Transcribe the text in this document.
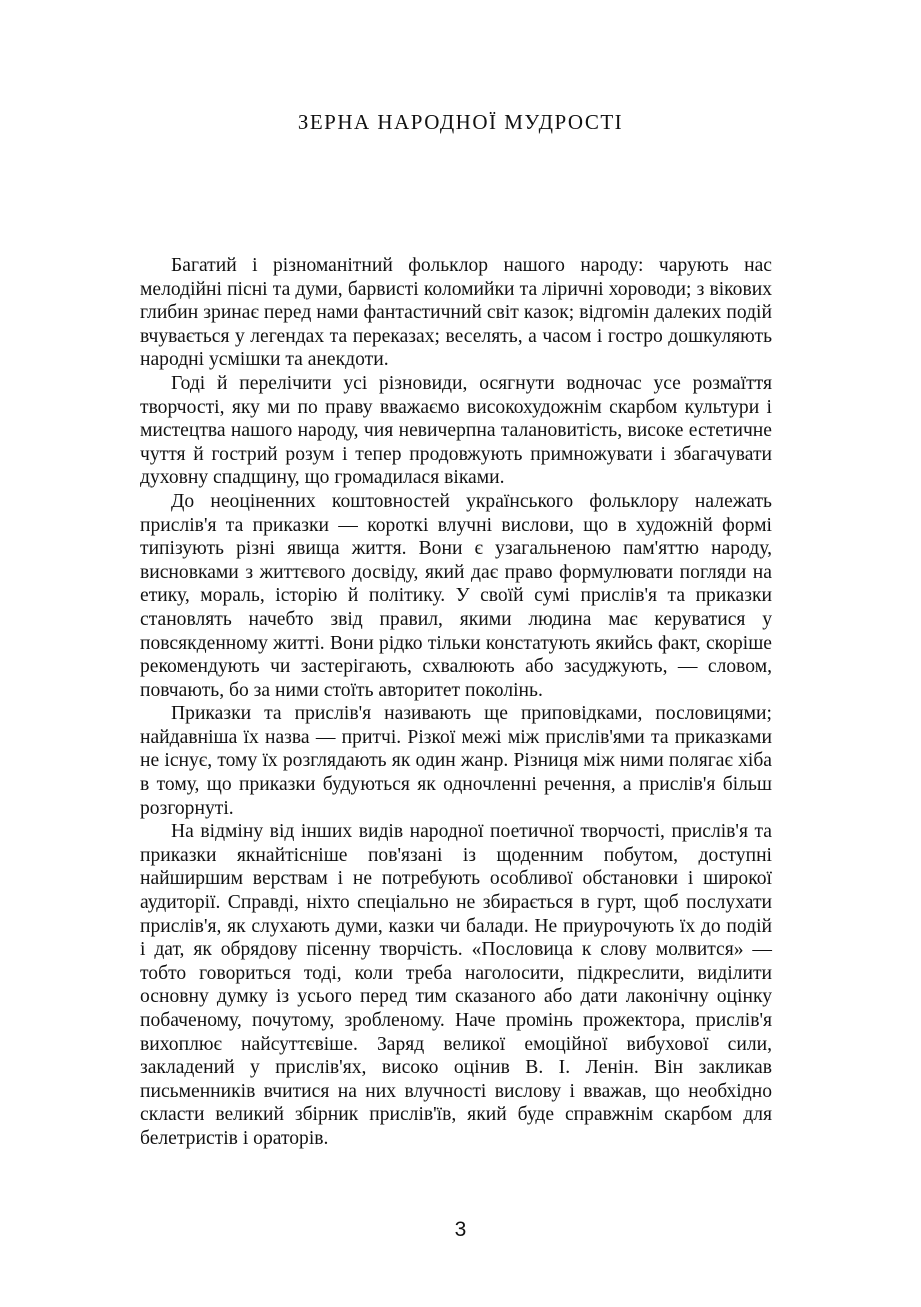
ЗЕРНА НАРОДНОЇ МУДРОСТІ

Багатий і різноманітний фольклор нашого народу: чарують нас мелодійні пісні та думи, барвисті коломийки та ліричні хороводи; з вікових глибин зринає перед нами фантастичний світ казок; відгомін далеких подій вчувається у легендах та переказах; веселять, а часом і гостро дошкуляють народні усмішки та анекдоти.

Годі й перелічити усі різновиди, осягнути водночас усе розмаїття творчості, яку ми по праву вважаємо високохудожнім скарбом культури і мистецтва нашого народу, чия невичерпна талановитість, високе естетичне чуття й гострий розум і тепер продовжують примножувати і збагачувати духовну спадщину, що громадилася віками.

До неоціненних коштовностей українського фольклору належать прислів'я та приказки — короткі влучні вислови, що в художній формі типізують різні явища життя. Вони є узагальненою пам'яттю народу, висновками з життєвого досвіду, який дає право формулювати погляди на етику, мораль, історію й політику. У своїй сумі прислів'я та приказки становлять начебто звід правил, якими людина має керуватися у повсякденному житті. Вони рідко тільки констатують якийсь факт, скоріше рекомендують чи застерігають, схвалюють або засуджують, — словом, повчають, бо за ними стоїть авторитет поколінь.

Приказки та прислів'я називають ще приповідками, пословицями; найдавніша їх назва — притчі. Різкої межі між прислів'ями та приказками не існує, тому їх розглядають як один жанр. Різниця між ними полягає хіба в тому, що приказки будуються як одночленні речення, а прислів'я більш розгорнуті.

На відміну від інших видів народної поетичної творчості, прислів'я та приказки якнайтісніше пов'язані із щоденним побутом, доступні найширшим верствам і не потребують особливої обстановки і широкої аудиторії. Справді, ніхто спеціально не збирається в гурт, щоб послухати прислів'я, як слухають думи, казки чи балади. Не приурочують їх до подій і дат, як обрядову пісенну творчість. «Пословица к слову молвится» — тобто говориться тоді, коли треба наголосити, підкреслити, виділити основну думку із усього перед тим сказаного або дати лаконічну оцінку побаченому, почутому, зробленому. Наче промінь прожектора, прислів'я вихоплює найсуттєвіше. Заряд великої емоційної вибухової сили, закладений у прислів'ях, високо оцінив В. І. Ленін. Він закликав письменників вчитися на них влучності вислову і вважав, що необхідно скласти великий збірник прислів'їв, який буде справжнім скарбом для белетристів і ораторів.

3
